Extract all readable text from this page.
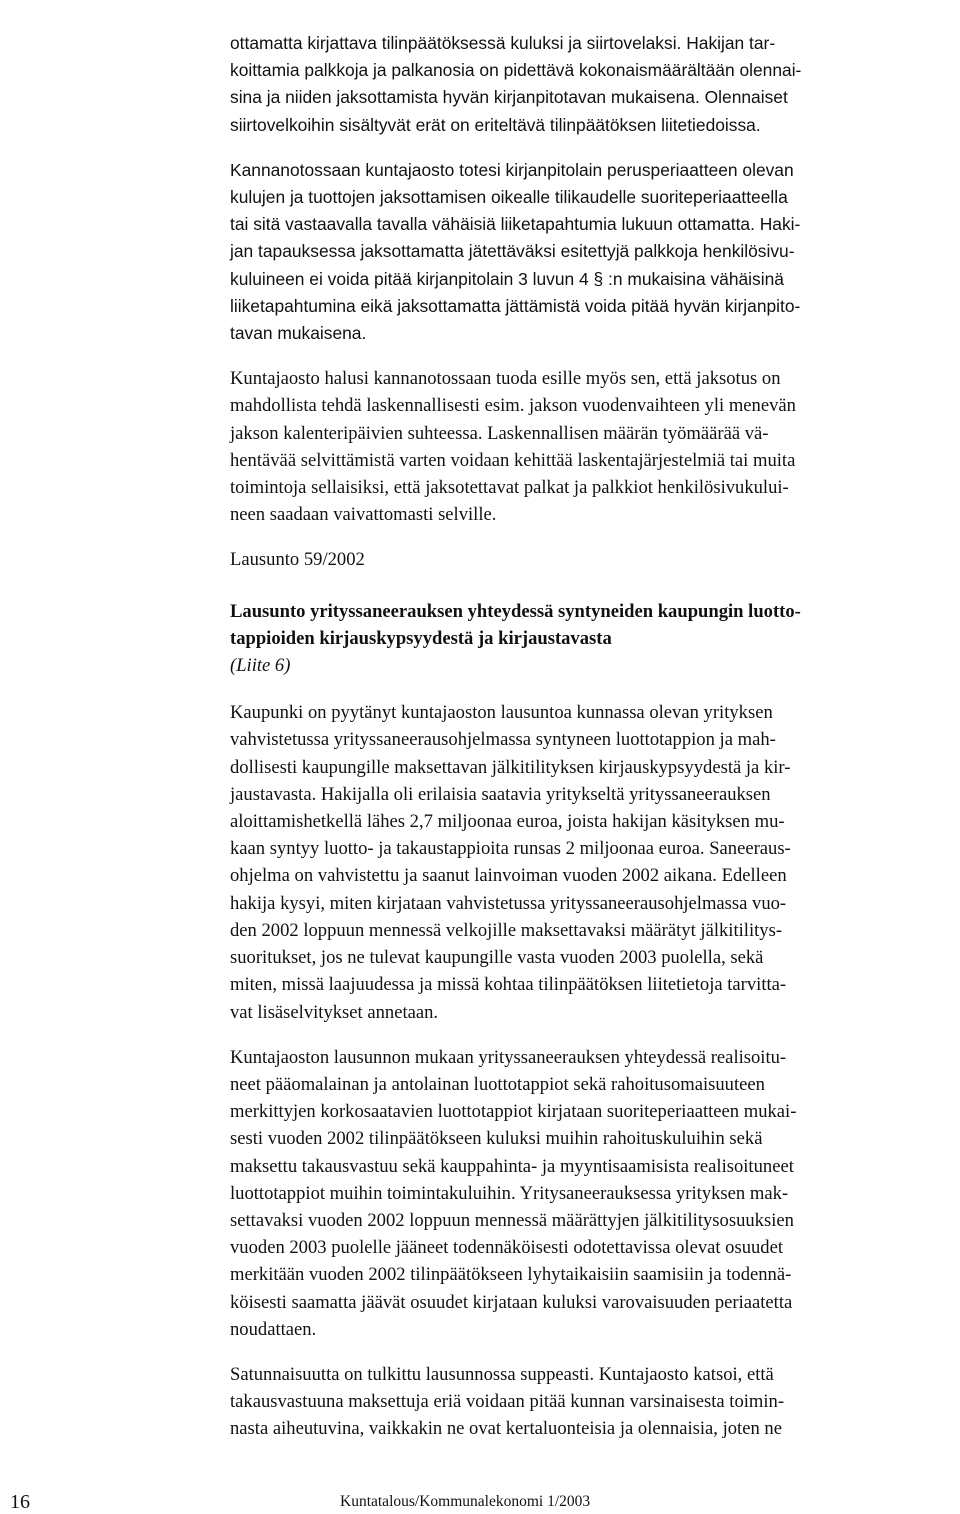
ottamatta kirjattava tilinpäätöksessä kuluksi ja siirtovelaksi. Hakijan tar-
koittamia palkkoja ja palkanosia on pidettävä kokonaismäärältään olennai-
sina ja niiden jaksottamista hyvän kirjanpitotavan mukaisena. Olennaiset
siirtovelkoihin sisältyvät erät on eriteltävä tilinpäätöksen liitetiedoissa.
Kannanotossaan kuntajaosto totesi kirjanpitolain perusperiaatteen olevan
kulujen ja tuottojen jaksottamisen oikealle tilikaudelle suoriteperiaatteella
tai sitä vastaavalla tavalla vähäisiä liiketapahtumia lukuun ottamatta. Haki-
jan tapauksessa jaksottamatta jätettäväksi esitettyjä palkkoja henkilösivu-
kuluineen ei voida pitää kirjanpitolain 3 luvun 4 § :n mukaisina vähäisinä
liiketapahtumina eikä jaksottamatta jättämistä voida pitää hyvän kirjanpito-
tavan mukaisena.
Kuntajaosto halusi kannanotossaan tuoda esille myös sen, että jaksotus on
mahdollista tehdä laskennallisesti esim. jakson vuodenvaihteen yli menevän
jakson kalenteripäivien suhteessa. Laskennallisen määrän työmäärää vä-
hentävää selvittämistä varten voidaan kehittää laskentajärjestelmiä tai muita
toimintoja sellaisiksi, että jaksotettavat palkat ja palkkiot henkilösivukului-
neen saadaan vaivattomasti selville.
Lausunto 59/2002
Lausunto yrityssaneerauksen yhteydessä syntyneiden kaupungin luotto-
tappioiden kirjauskypsyydestä ja kirjaustavasta
(Liite 6)
Kaupunki on pyytänyt kuntajaoston lausuntoa kunnassa olevan yrityksen
vahvistetussa yrityssaneerausohjelmassa syntyneen luottotappion ja mah-
dollisesti kaupungille maksettavan jälkitilityksen kirjauskypsyydestä ja kir-
jaustavasta. Hakijalla oli erilaisia saatavia yritykseltä yrityssaneerauksen
aloittamishetkellä lähes 2,7 miljoonaa euroa, joista hakijan käsityksen mu-
kaan syntyy luotto- ja takaustappioita runsas 2 miljoonaa euroa. Saneeraus-
ohjelma on vahvistettu ja saanut lainvoiman vuoden 2002 aikana. Edelleen
hakija kysyi, miten kirjataan vahvistetussa yrityssaneerausohjelmassa vuo-
den 2002 loppuun mennessä velkojille maksettavaksi määrätyt jälkitilitys-
suoritukset, jos ne tulevat kaupungille vasta vuoden 2003 puolella, sekä
miten, missä laajuudessa ja missä kohtaa tilinpäätöksen liitetietoja tarvitta-
vat lisäselvitykset annetaan.
Kuntajaoston lausunnon mukaan yrityssaneerauksen yhteydessä realisoitu-
neet pääomalainan ja antolainan luottotappiot sekä rahoitusomaisuuteen
merkittyjen korkosaatavien luottotappiot kirjataan suoriteperiaatteen mukai-
sesti vuoden 2002 tilinpäätökseen kuluksi muihin rahoituskuluihin sekä
maksettu takausvastuu sekä kauppahinta- ja myyntisaamisista realisoituneet
luottotappiot muihin toimintakuluihin. Yritysaneerauksessa yrityksen mak-
settavaksi vuoden 2002 loppuun mennessä määrättyjen jälkitilitysosuuksien
vuoden 2003 puolelle jääneet todennäköisesti odotettavissa olevat osuudet
merkitään vuoden 2002 tilinpäätökseen lyhytaikaisiin saamisiin ja todennä-
köisesti saamatta jäävät osuudet kirjataan kuluksi varovaisuuden periaatetta
noudattaen.
Satunnaisuutta on tulkittu lausunnossa suppeasti. Kuntajaosto katsoi, että
takausvastuuna maksettuja eriä voidaan pitää kunnan varsinaisesta toimin-
nasta aiheutuvina, vaikkakin ne ovat kertaluonteisia ja olennaisia, joten ne
16	Kuntatalous/Kommunalekonomi 1/2003
